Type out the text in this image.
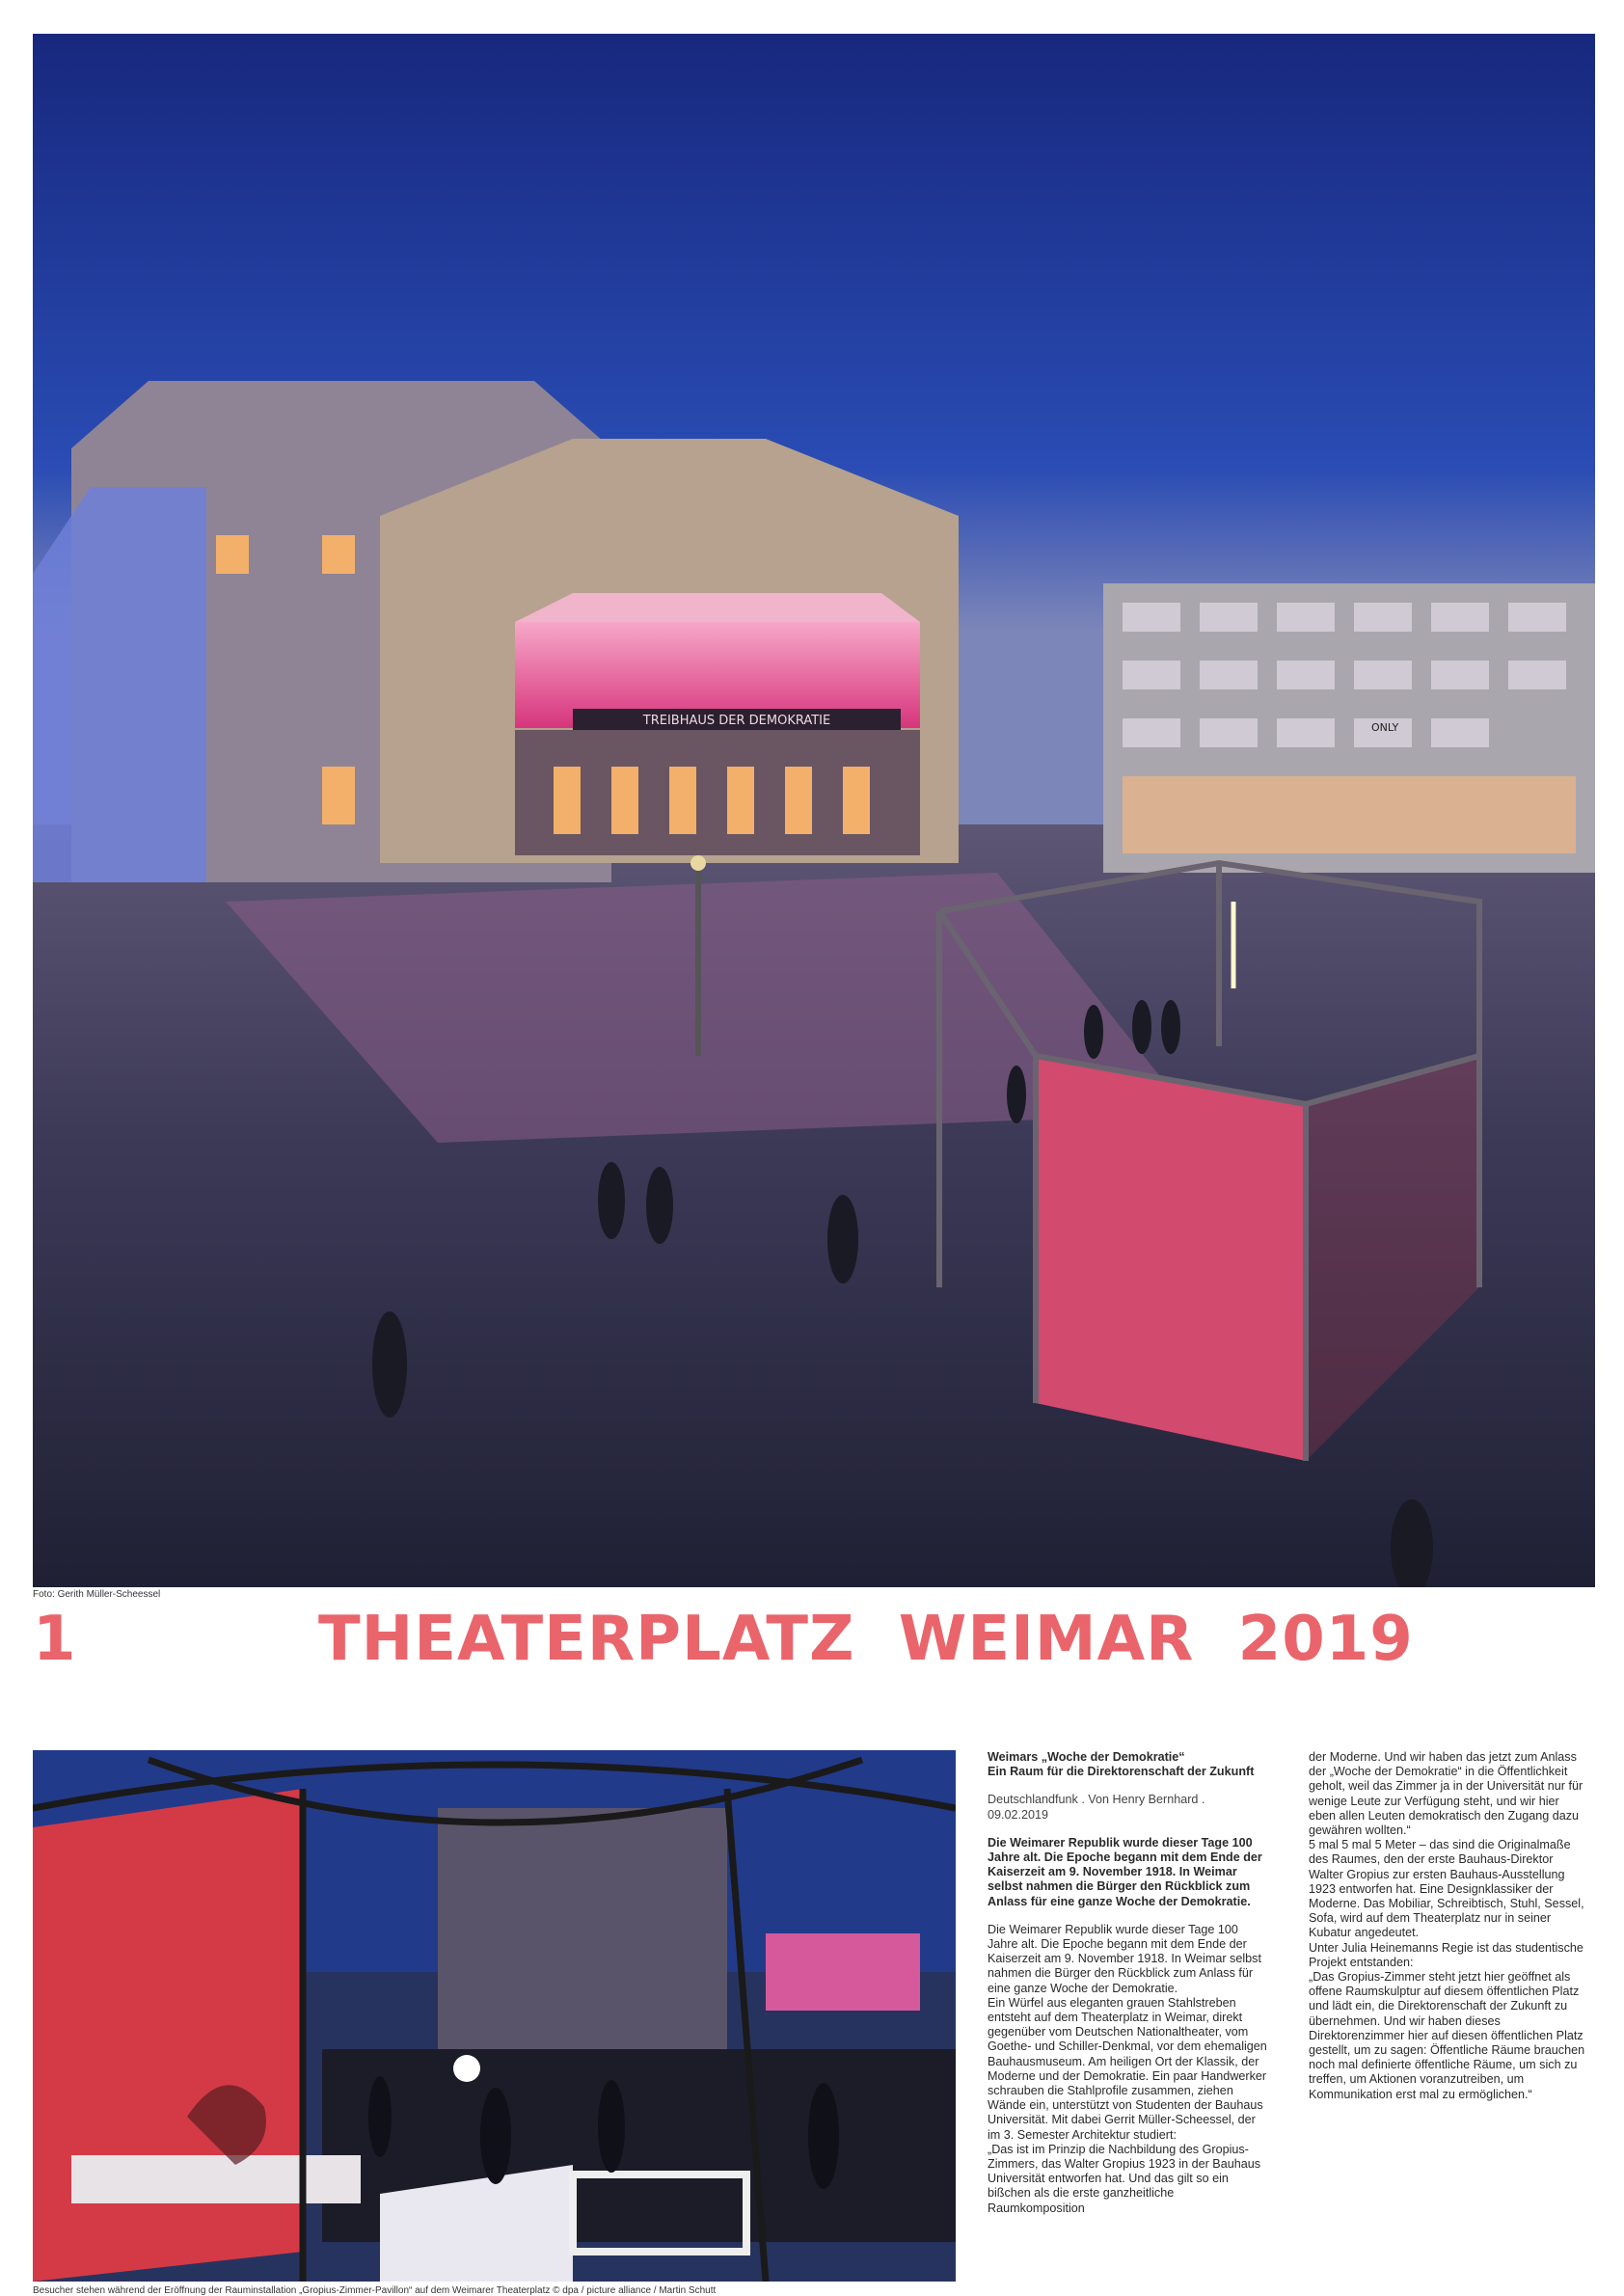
TREIBHAUS DER DEMOKRATIE	ONLY
Foto: Gerith Müller-Scheessel
1	THEATERPLATZ WEIMAR 2019
Besucher stehen während der Eröffnung der Rauminstallation „Gropius-Zimmer-Pavillon“ auf dem Weimarer Theaterplatz © dpa / picture alliance / Martin Schutt

Weimars „Woche der Demokratie“

Ein Raum für die Direktorenschaft der Zukunft

Deutschlandfunk . Von Henry Bernhard . 09.02.2019

Die Weimarer Republik wurde dieser Tage 100 Jahre alt. Die Epoche begann mit dem Ende der Kaiserzeit am 9. November 1918. In Weimar selbst nahmen die Bürger den Rückblick zum Anlass für eine ganze Woche der Demokratie.

Die Weimarer Republik wurde dieser Tage 100 Jahre alt. Die Epoche begann mit dem Ende der Kaiserzeit am 9. November 1918. In Weimar selbst nahmen die Bürger den Rückblick zum Anlass für eine ganze Woche der Demokratie.

Ein Würfel aus eleganten grauen Stahlstreben entsteht auf dem Theaterplatz in Weimar, direkt gegenüber vom Deutschen Nationaltheater, vom Goethe- und Schiller-Denkmal, vor dem ehemaligen Bauhausmuseum. Am heiligen Ort der Klassik, der Moderne und der Demokratie. Ein paar Handwerker schrauben die Stahlprofile zusammen, ziehen Wände ein, unterstützt von Studenten der Bauhaus Universität. Mit dabei Gerrit Müller-Scheessel, der im 3. Semester Architektur studiert:

„Das ist im Prinzip die Nachbildung des Gropius-Zimmers, das Walter Gropius 1923 in der Bauhaus Universität entworfen hat. Und das gilt so ein bißchen als die erste ganzheitliche Raumkomposition

der Moderne. Und wir haben das jetzt zum Anlass der „Woche der Demokratie“ in die Öffentlichkeit geholt, weil das Zimmer ja in der Universität nur für wenige Leute zur Verfügung steht, und wir hier eben allen Leuten demokratisch den Zugang dazu gewähren wollten.“

5 mal 5 mal 5 Meter – das sind die Originalmaße des Raumes, den der erste Bauhaus-Direktor Walter Gropius zur ersten Bauhaus-Ausstellung 1923 entworfen hat. Eine Designklassiker der Moderne. Das Mobiliar, Schreibtisch, Stuhl, Sessel, Sofa, wird auf dem Theaterplatz nur in seiner Kubatur angedeutet.

Unter Julia Heinemanns Regie ist das studentische Projekt entstanden:

„Das Gropius-Zimmer steht jetzt hier geöffnet als offene Raumskulptur auf diesem öffentlichen Platz und lädt ein, die Direktorenschaft der Zukunft zu übernehmen. Und wir haben dieses Direktorenzimmer hier auf diesen öffentlichen Platz gestellt, um zu sagen: Öffentliche Räume brauchen noch mal definierte öffentliche Räume, um sich zu treffen, um Aktionen voranzutreiben, um Kommunikation erst mal zu ermöglichen.“
